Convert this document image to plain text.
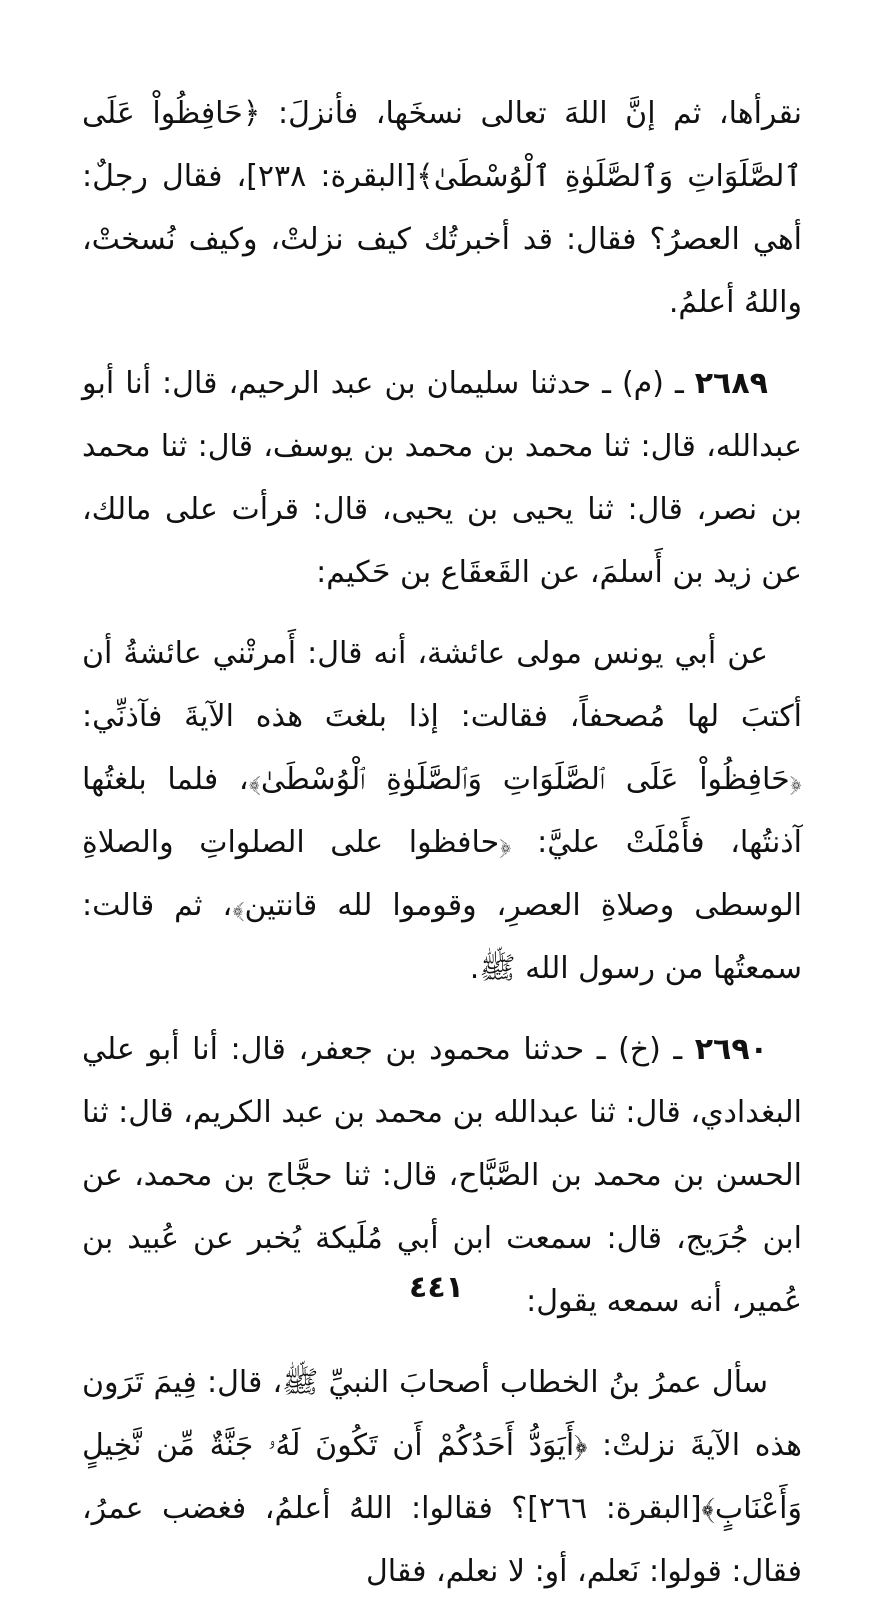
نقرأها، ثم إنَّ اللهَ تعالى نسخَها، فأنزلَ: ﴿حَافِظُواْ عَلَى ٱلصَّلَوَاتِ وَٱلصَّلَوٰةِ ٱلْوُسْطَىٰ﴾[البقرة: ٢٣٨]، فقال رجلٌ: أهي العصرُ؟ فقال: قد أخبرتُك كيف نزلتْ، وكيف نُسختْ، واللهُ أعلمُ.

٢٦٨٩ ـ (م) ـ حدثنا سليمان بن عبد الرحيم، قال: أنا أبو عبدالله، قال: ثنا محمد بن محمد بن يوسف، قال: ثنا محمد بن نصر، قال: ثنا يحيى بن يحيى، قال: قرأت على مالك، عن زيد بن أَسلمَ، عن القَعقَاع بن حَكيم:

عن أبي يونس مولى عائشة، أنه قال: أَمرتْني عائشةُ أن أكتبَ لها مُصحفاً، فقالت: إذا بلغتَ هذه الآيةَ فآذنِّي: ﴿حَافِظُواْ عَلَى ٱلصَّلَوَاتِ وَٱلصَّلَوٰةِ ٱلْوُسْطَىٰ﴾، فلما بلغتُها آذنتُها، فأَمْلَتْ عليَّ: ﴿حافظوا على الصلواتِ والصلاةِ الوسطى وصلاةِ العصرِ، وقوموا لله قانتين﴾، ثم قالت: سمعتُها من رسول الله ﷺ.

٢٦٩٠ ـ (خ) ـ حدثنا محمود بن جعفر، قال: أنا أبو علي البغدادي، قال: ثنا عبدالله بن محمد بن عبد الكريم، قال: ثنا الحسن بن محمد بن الصَّبَّاح، قال: ثنا حجَّاج بن محمد، عن ابن جُرَيج، قال: سمعت ابن أبي مُلَيكة يُخبر عن عُبيد بن عُمير، أنه سمعه يقول:

سأل عمرُ بنُ الخطاب أصحابَ النبيِّ ﷺ، قال: فِيمَ تَرَون هذه الآيةَ نزلتْ: ﴿أَيَوَدُّ أَحَدُكُمْ أَن تَكُونَ لَهُۥ جَنَّةٌ مِّن نَّخِيلٍ وَأَعْنَابٍ﴾[البقرة: ٢٦٦]؟ فقالوا: اللهُ أعلمُ، فغضب عمرُ، فقال: قولوا: نَعلم، أو: لا نعلم، فقال

٤٤١
